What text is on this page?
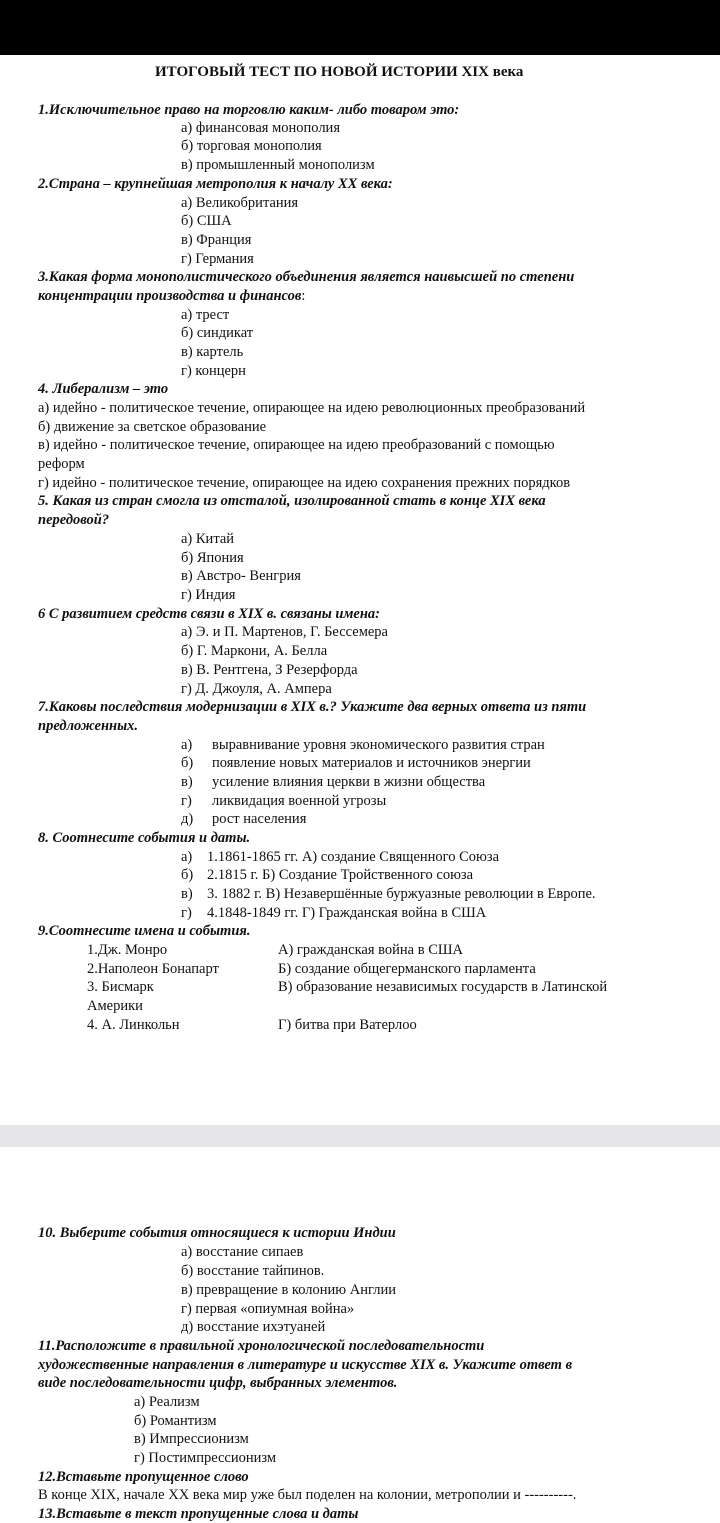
ИТОГОВЫЙ ТЕСТ ПО НОВОЙ ИСТОРИИ XIX века
1.Исключительное право на торговлю каким- либо товаром это:
а) финансовая монополия
б) торговая монополия
в) промышленный монополизм
2.Страна – крупнейшая метрополия к началу XX века:
а) Великобритания
б) США
в) Франция
г) Германия
3.Какая форма монополистического объединения является наивысшей по степени
концентрации производства и финансов:
а) трест
б) синдикат
в) картель
г) концерн
4. Либерализм – это
а) идейно - политическое течение, опирающее на идею революционных преобразований
б) движение за светское образование
в) идейно - политическое течение, опирающее на идею преобразований с помощью
реформ
г) идейно - политическое течение, опирающее на идею сохранения прежних порядков
5. Какая из стран смогла из отсталой, изолированной стать в конце XIX века
передовой?
а) Китай
б) Япония
в) Австро- Венгрия
г) Индия
6 С развитием средств связи в XIX в. связаны имена:
а) Э. и П. Мартенов, Г. Бессемера
б) Г. Маркони, А. Белла
в) В. Рентгена, З Резерфорда
г) Д. Джоуля, А. Ампера
7.Каковы последствия модернизации в XIX в.? Укажите два верных ответа из пяти
предложенных.
а) выравнивание уровня экономического развития стран
б) появление новых материалов и источников энергии
в) усиление влияния церкви в жизни общества
г) ликвидация военной угрозы
д) рост населения
8. Соотнесите события и даты.
а) 1.1861-1865 гг. А) создание Священного Союза
б) 2.1815 г. Б) Создание Тройственного союза
в) 3. 1882 г. В) Незавершённые буржуазные революции в Европе.
г) 4.1848-1849 гг. Г) Гражданская война в США
9.Соотнесите имена и события.
1.Дж. Монро
2.Наполеон Бонапарт
3. Бисмарк
Америки
4. А. Линкольн
А) гражданская война в США
Б) создание общегерманского парламента
В) образование независимых государств в Латинской
Г) битва при Ватерлоо
10. Выберите события относящиеся к истории Индии
а) восстание сипаев
б) восстание тайпинов.
в) превращение в колонию Англии
г) первая «опиумная война»
д) восстание ихэтуаней
11.Расположите в правильной хронологической последовательности
художественные направления в литературе и искусстве XIX в. Укажите ответ в
виде последовательности цифр, выбранных элементов.
а) Реализм
б) Романтизм
в) Импрессионизм
г) Постимпрессионизм
12.Вставьте пропущенное слово
В конце XIX, начале XX века мир уже был поделен на колонии, метрополии и ----------.
13.Вставьте в текст пропущенные слова и даты
